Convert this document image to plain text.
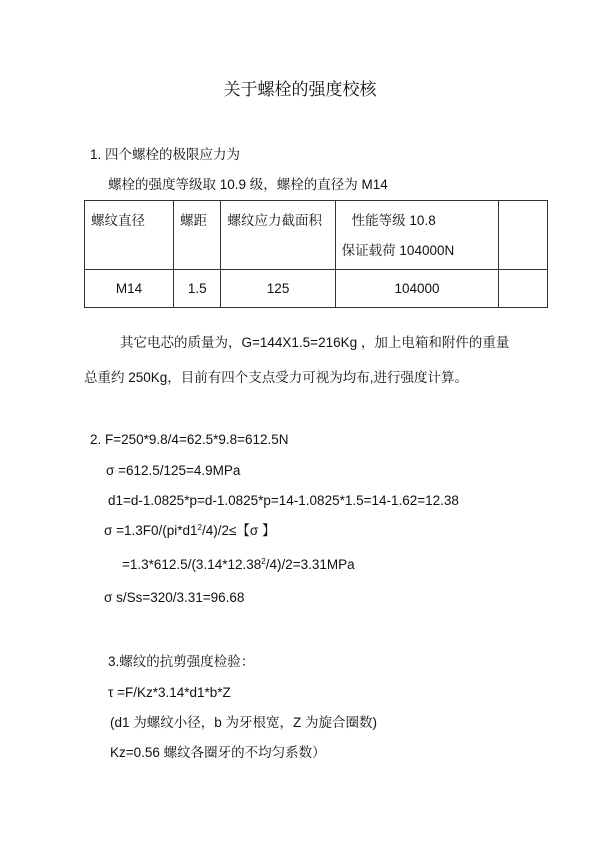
关于螺栓的强度校核
1. 四个螺栓的极限应力为
螺栓的强度等级取 10.9 级，螺栓的直径为 M14
螺纹直径	螺距	螺纹应力截面积	性能等级 10.8
保证载荷 104000N	

M14	1.5	125	104000	
其它电芯的质量为，G=144X1.5=216Kg ，加上电箱和附件的重量
总重约 250Kg，目前有四个支点受力可视为均布,进行强度计算。
2. F=250*9.8/4=62.5*9.8=612.5N
σ =612.5/125=4.9MPa
d1=d-1.0825*p=d-1.0825*p=14-1.0825*1.5=14-1.62=12.38
$\sigma =1.3F0/(pi*d1^2/4)/2\le$【σ 】
$=1.3*612.5/(3.14*12.38^2/4)/2=3.31MPa$
σ s/Ss=320/3.31=96.68
3.螺纹的抗剪强度检验：
τ =F/Kz*3.14*d1*b*Z
(d1 为螺纹小径，b 为牙根宽，Z 为旋合圈数)
Kz=0.56 螺纹各圈牙的不均匀系数）
